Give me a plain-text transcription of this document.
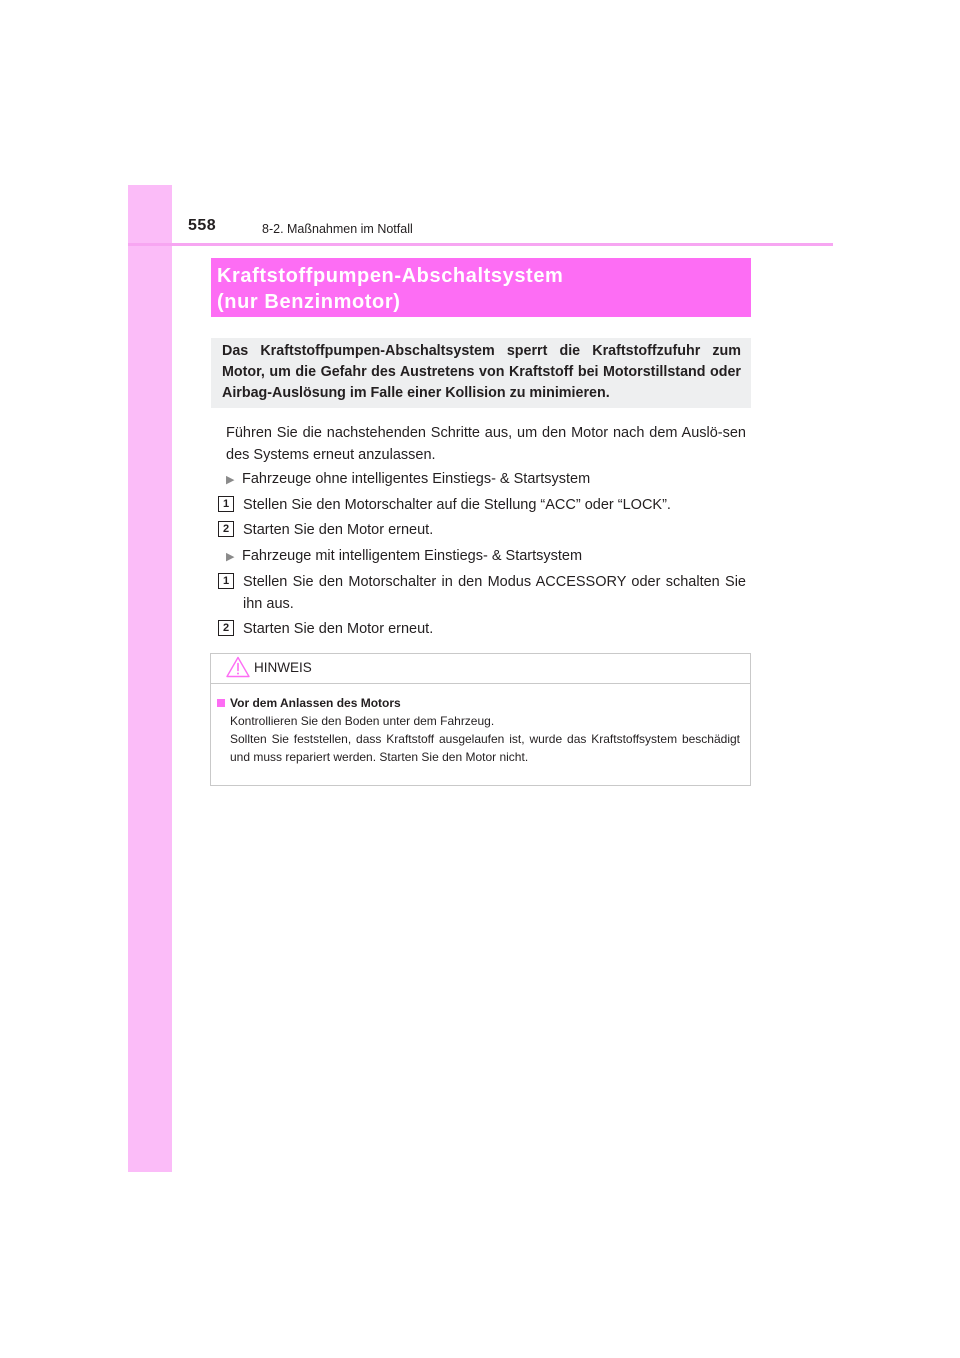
558	8-2. Maßnahmen im Notfall
Kraftstoffpumpen-Abschaltsystem
(nur Benzinmotor)
Das Kraftstoffpumpen-Abschaltsystem sperrt die Kraftstoffzufuhr zum Motor, um die Gefahr des Austretens von Kraftstoff bei Motorstillstand oder Airbag-Auslösung im Falle einer Kollision zu minimieren.
Führen Sie die nachstehenden Schritte aus, um den Motor nach dem Auslö-sen des Systems erneut anzulassen.
▶ Fahrzeuge ohne intelligentes Einstiegs- & Startsystem
1 Stellen Sie den Motorschalter auf die Stellung “ACC” oder “LOCK”.
2 Starten Sie den Motor erneut.
▶ Fahrzeuge mit intelligentem Einstiegs- & Startsystem
1 Stellen Sie den Motorschalter in den Modus ACCESSORY oder schalten Sie ihn aus.
2 Starten Sie den Motor erneut.
HINWEIS
Vor dem Anlassen des Motors
Kontrollieren Sie den Boden unter dem Fahrzeug.
Sollten Sie feststellen, dass Kraftstoff ausgelaufen ist, wurde das Kraftstoffsystem beschädigt und muss repariert werden. Starten Sie den Motor nicht.
